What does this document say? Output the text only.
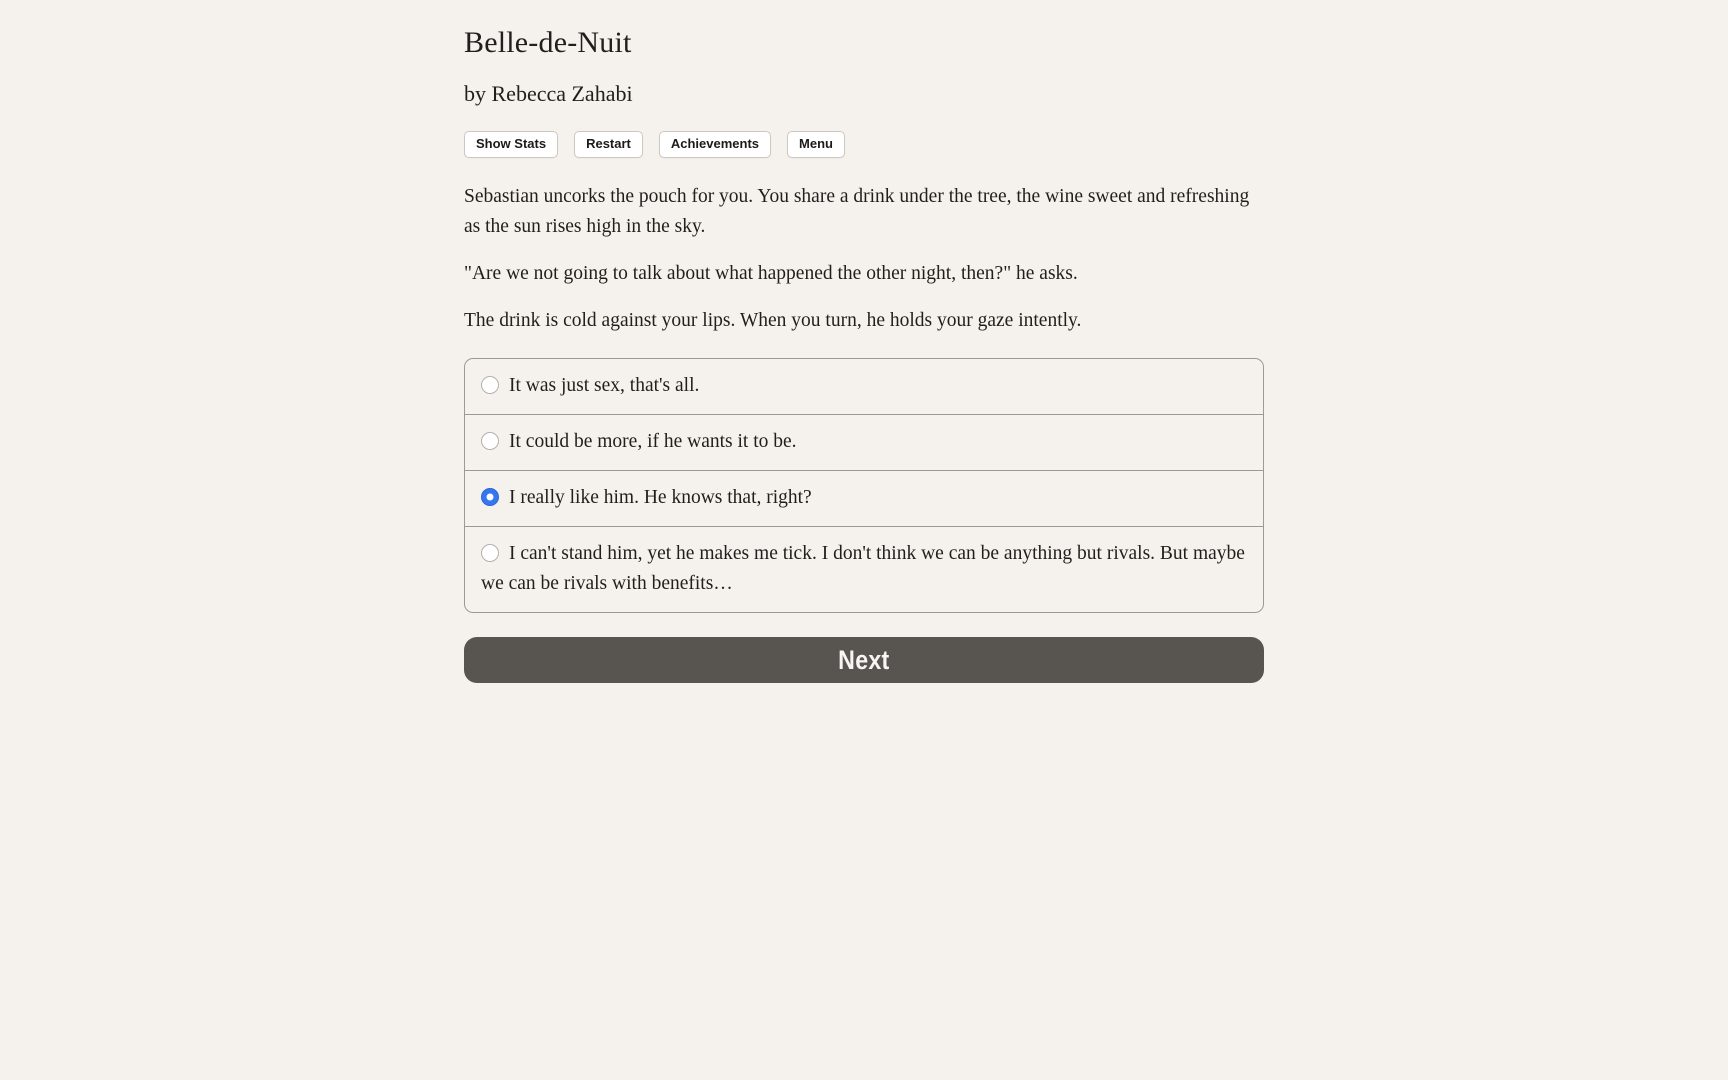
Belle-de-Nuit
by Rebecca Zahabi
Show Stats	Restart	Achievements	Menu

Sebastian uncorks the pouch for you. You share a drink under the tree, the wine sweet and refreshing as the sun rises high in the sky.

"Are we not going to talk about what happened the other night, then?" he asks.

The drink is cold against your lips. When you turn, he holds your gaze intently.

It was just sex, that's all.
It could be more, if he wants it to be.
I really like him. He knows that, right?
I can't stand him, yet he makes me tick. I don't think we can be anything but rivals. But maybe we can be rivals with benefits…
Next
